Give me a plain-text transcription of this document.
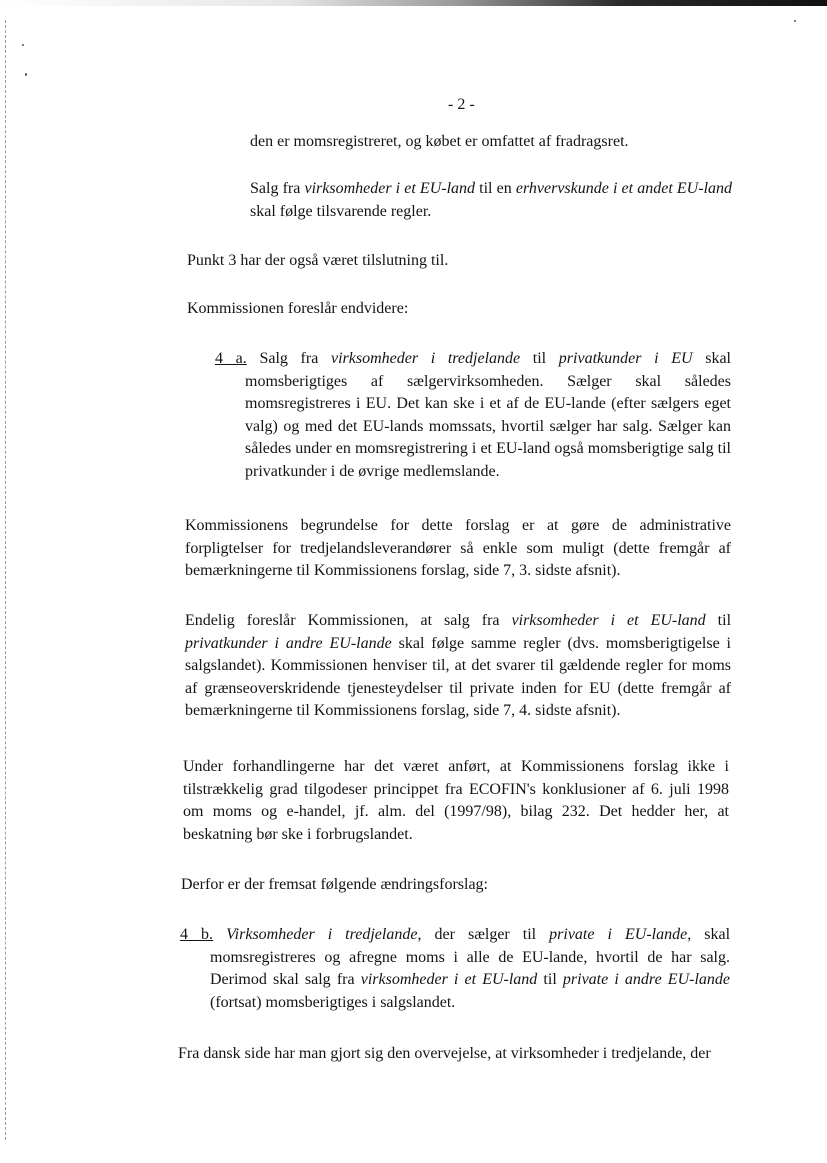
- 2 -

den er momsregistreret, og købet er omfattet af fradragsret.

Salg fra virksomheder i et EU-land til en erhvervskunde i et andet EU-land skal følge tilsvarende regler.

Punkt 3 har der også været tilslutning til.

Kommissionen foreslår endvidere:

4 a. Salg fra virksomheder i tredjelande til privatkunder i EU skal momsberigtiges af sælgervirksomheden. Sælger skal således momsregistreres i EU. Det kan ske i et af de EU-lande (efter sælgers eget valg) og med det EU-lands momssats, hvortil sælger har salg. Sælger kan således under en momsregistrering i et EU-land også momsberigtige salg til privatkunder i de øvrige medlemslande.

Kommissionens begrundelse for dette forslag er at gøre de administrative forpligtelser for tredjelandsleverandører så enkle som muligt (dette fremgår af bemærkningerne til Kommissionens forslag, side 7, 3. sidste afsnit).

Endelig foreslår Kommissionen, at salg fra virksomheder i et EU-land til privatkunder i andre EU-lande skal følge samme regler (dvs. momsberigtigelse i salgslandet). Kommissionen henviser til, at det svarer til gældende regler for moms af grænseoverskridende tjenesteydelser til private inden for EU (dette fremgår af bemærkningerne til Kommissionens forslag, side 7, 4. sidste afsnit).

Under forhandlingerne har det været anført, at Kommissionens forslag ikke i tilstrækkelig grad tilgodeser princippet fra ECOFIN's konklusioner af 6. juli 1998 om moms og e-handel, jf. alm. del (1997/98), bilag 232. Det hedder her, at beskatning bør ske i forbrugslandet.

Derfor er der fremsat følgende ændringsforslag:

4 b. Virksomheder i tredjelande, der sælger til private i EU-lande, skal momsregistreres og afregne moms i alle de EU-lande, hvortil de har salg. Derimod skal salg fra virksomheder i et EU-land til private i andre EU-lande (fortsat) momsberigtiges i salgslandet.

Fra dansk side har man gjort sig den overvejelse, at virksomheder i tredjelande, der
